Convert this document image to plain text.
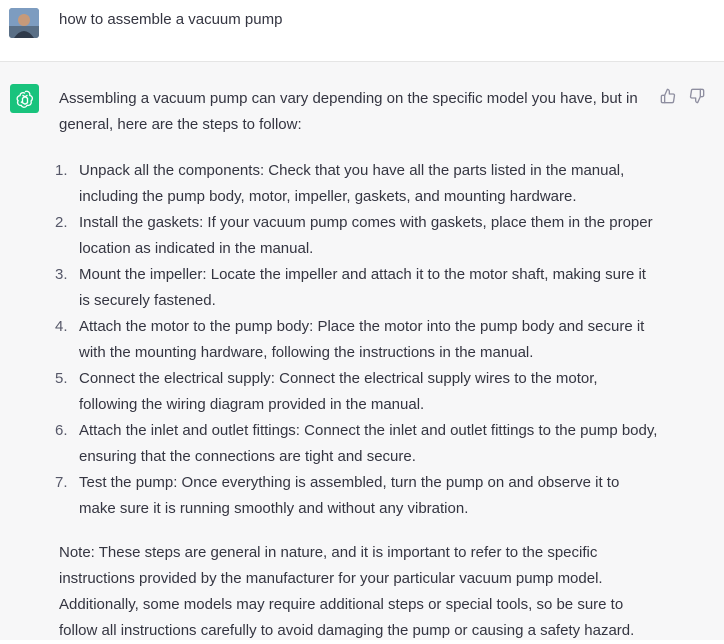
how to assemble a vacuum pump

Assembling a vacuum pump can vary depending on the specific model you have, but in general, here are the steps to follow:

1. Unpack all the components: Check that you have all the parts listed in the manual, including the pump body, motor, impeller, gaskets, and mounting hardware.
2. Install the gaskets: If your vacuum pump comes with gaskets, place them in the proper location as indicated in the manual.
3. Mount the impeller: Locate the impeller and attach it to the motor shaft, making sure it is securely fastened.
4. Attach the motor to the pump body: Place the motor into the pump body and secure it with the mounting hardware, following the instructions in the manual.
5. Connect the electrical supply: Connect the electrical supply wires to the motor, following the wiring diagram provided in the manual.
6. Attach the inlet and outlet fittings: Connect the inlet and outlet fittings to the pump body, ensuring that the connections are tight and secure.
7. Test the pump: Once everything is assembled, turn the pump on and observe it to make sure it is running smoothly and without any vibration.

Note: These steps are general in nature, and it is important to refer to the specific instructions provided by the manufacturer for your particular vacuum pump model. Additionally, some models may require additional steps or special tools, so be sure to follow all instructions carefully to avoid damaging the pump or causing a safety hazard.
